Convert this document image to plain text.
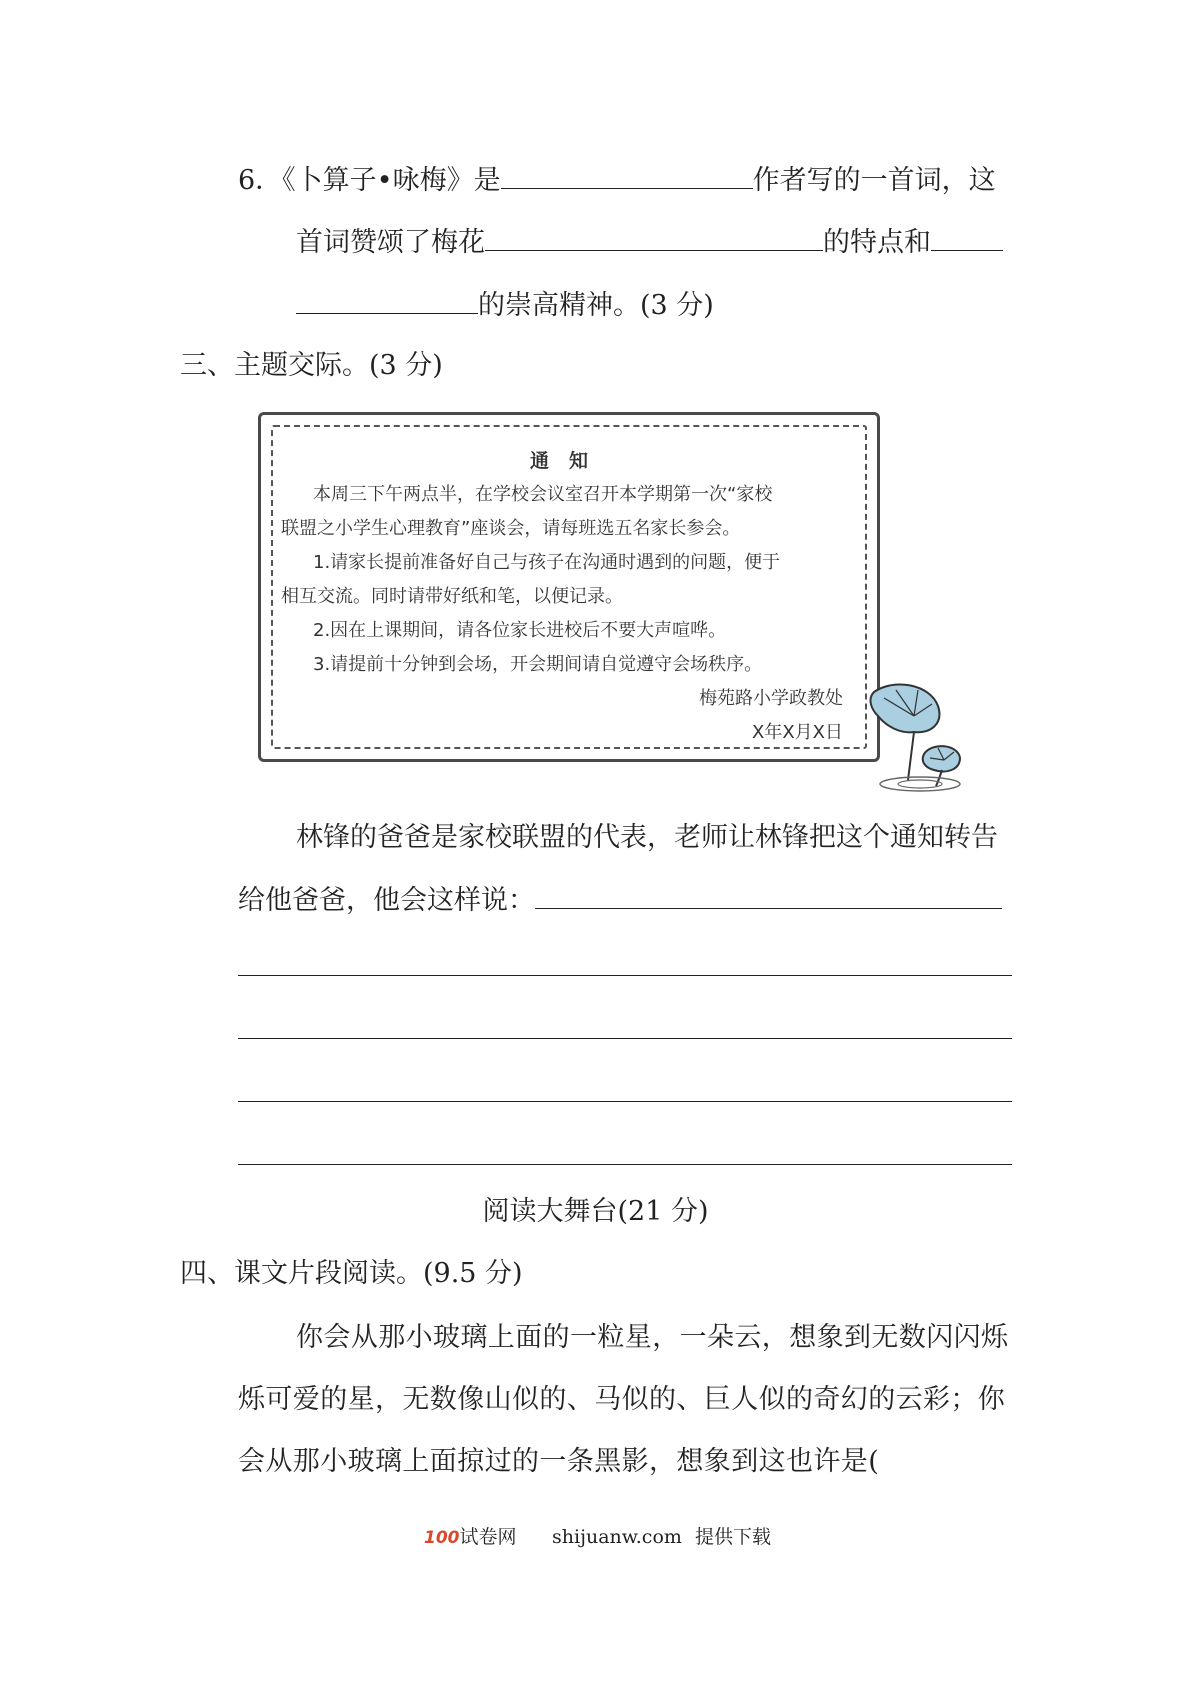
6．《卜算子•咏梅》是	作者写的一首词，这
首词赞颂了梅花	的特点和
的崇高精神。(3 分)
三、主题交际。(3 分)
通知
本周三下午两点半，在学校会议室召开本学期第一次“家校
联盟之小学生心理教育”座谈会，请每班选五名家长参会。
1.请家长提前准备好自己与孩子在沟通时遇到的问题，便于
相互交流。同时请带好纸和笔，以便记录。
2.因在上课期间，请各位家长进校后不要大声喧哗。
3.请提前十分钟到会场，开会期间请自觉遵守会场秩序。
梅苑路小学政教处
X年X月X日
林锋的爸爸是家校联盟的代表，老师让林锋把这个通知转告
给他爸爸，他会这样说：
阅读大舞台(21 分)
四、课文片段阅读。(9.5 分)
你会从那小玻璃上面的一粒星，一朵云，想象到无数闪闪烁
烁可爱的星，无数像山似的、马似的、巨人似的奇幻的云彩；你
会从那小玻璃上面掠过的一条黑影，想象到这也许是(
100试卷网 shijuanw.com 提供下载
